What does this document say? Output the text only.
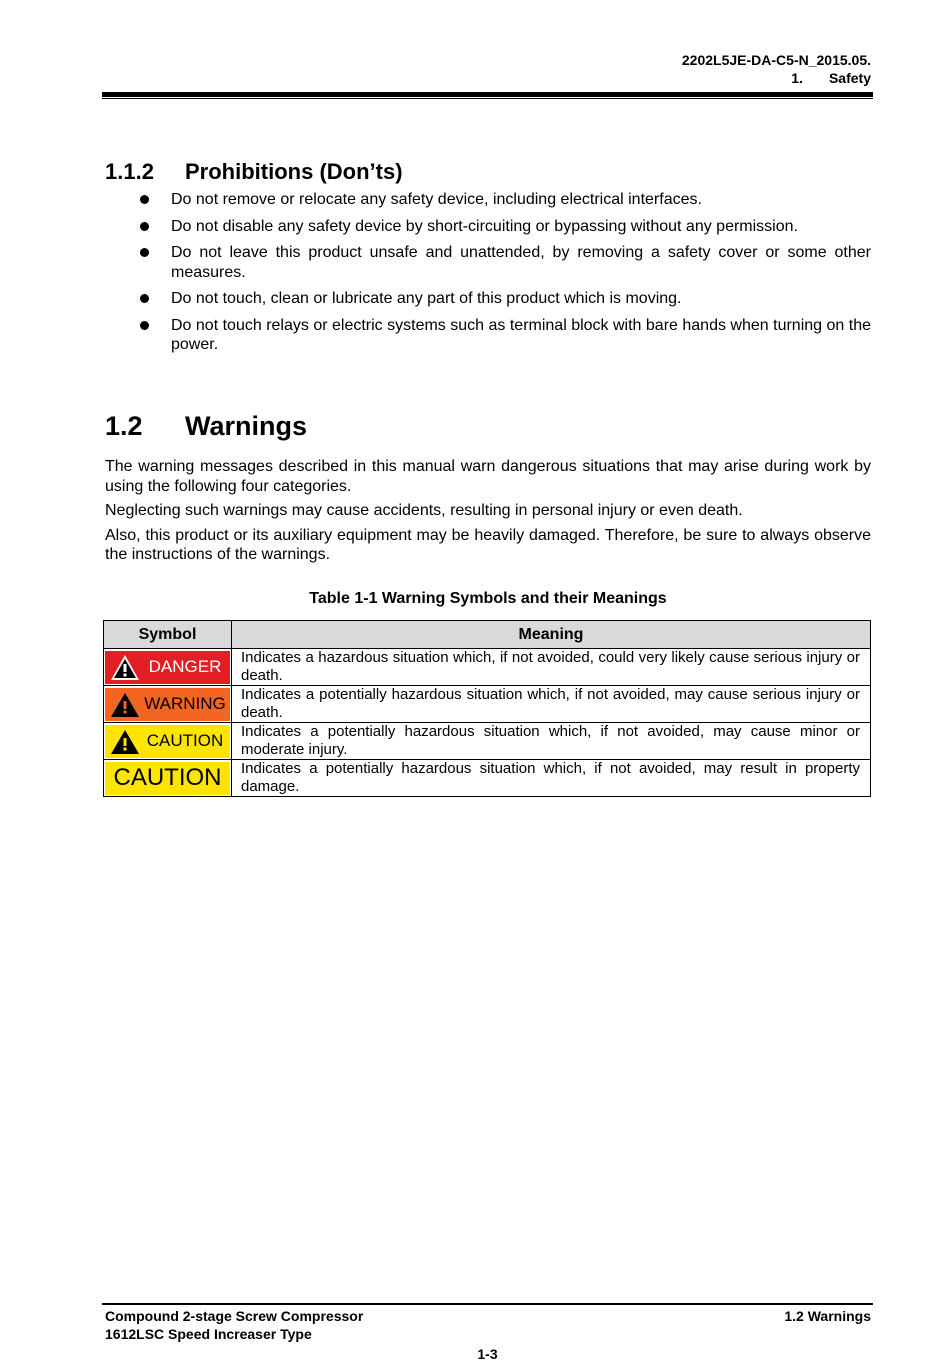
2202L5JE-DA-C5-N_2015.05.
1. Safety
1.1.2 Prohibitions (Don’ts)
Do not remove or relocate any safety device, including electrical interfaces.
Do not disable any safety device by short-circuiting or bypassing without any permission.
Do not leave this product unsafe and unattended, by removing a safety cover or some other measures.
Do not touch, clean or lubricate any part of this product which is moving.
Do not touch relays or electric systems such as terminal block with bare hands when turning on the power.
1.2 Warnings

The warning messages described in this manual warn dangerous situations that may arise during work by using the following four categories.

Neglecting such warnings may cause accidents, resulting in personal injury or even death.

Also, this product or its auxiliary equipment may be heavily damaged. Therefore, be sure to always observe the instructions of the warnings.

Table 1-1 Warning Symbols and their Meanings
Symbol	Meaning

DANGER	Indicates a hazardous situation which, if not avoided, could very likely cause serious injury or death.

WARNING	Indicates a potentially hazardous situation which, if not avoided, may cause serious injury or death.

CAUTION	Indicates a potentially hazardous situation which, if not avoided, may cause minor or moderate injury.

CAUTION	Indicates a potentially hazardous situation which, if not avoided, may result in property damage.
Compound 2-stage Screw Compressor
1612LSC Speed Increaser Type
1.2 Warnings
1-3
